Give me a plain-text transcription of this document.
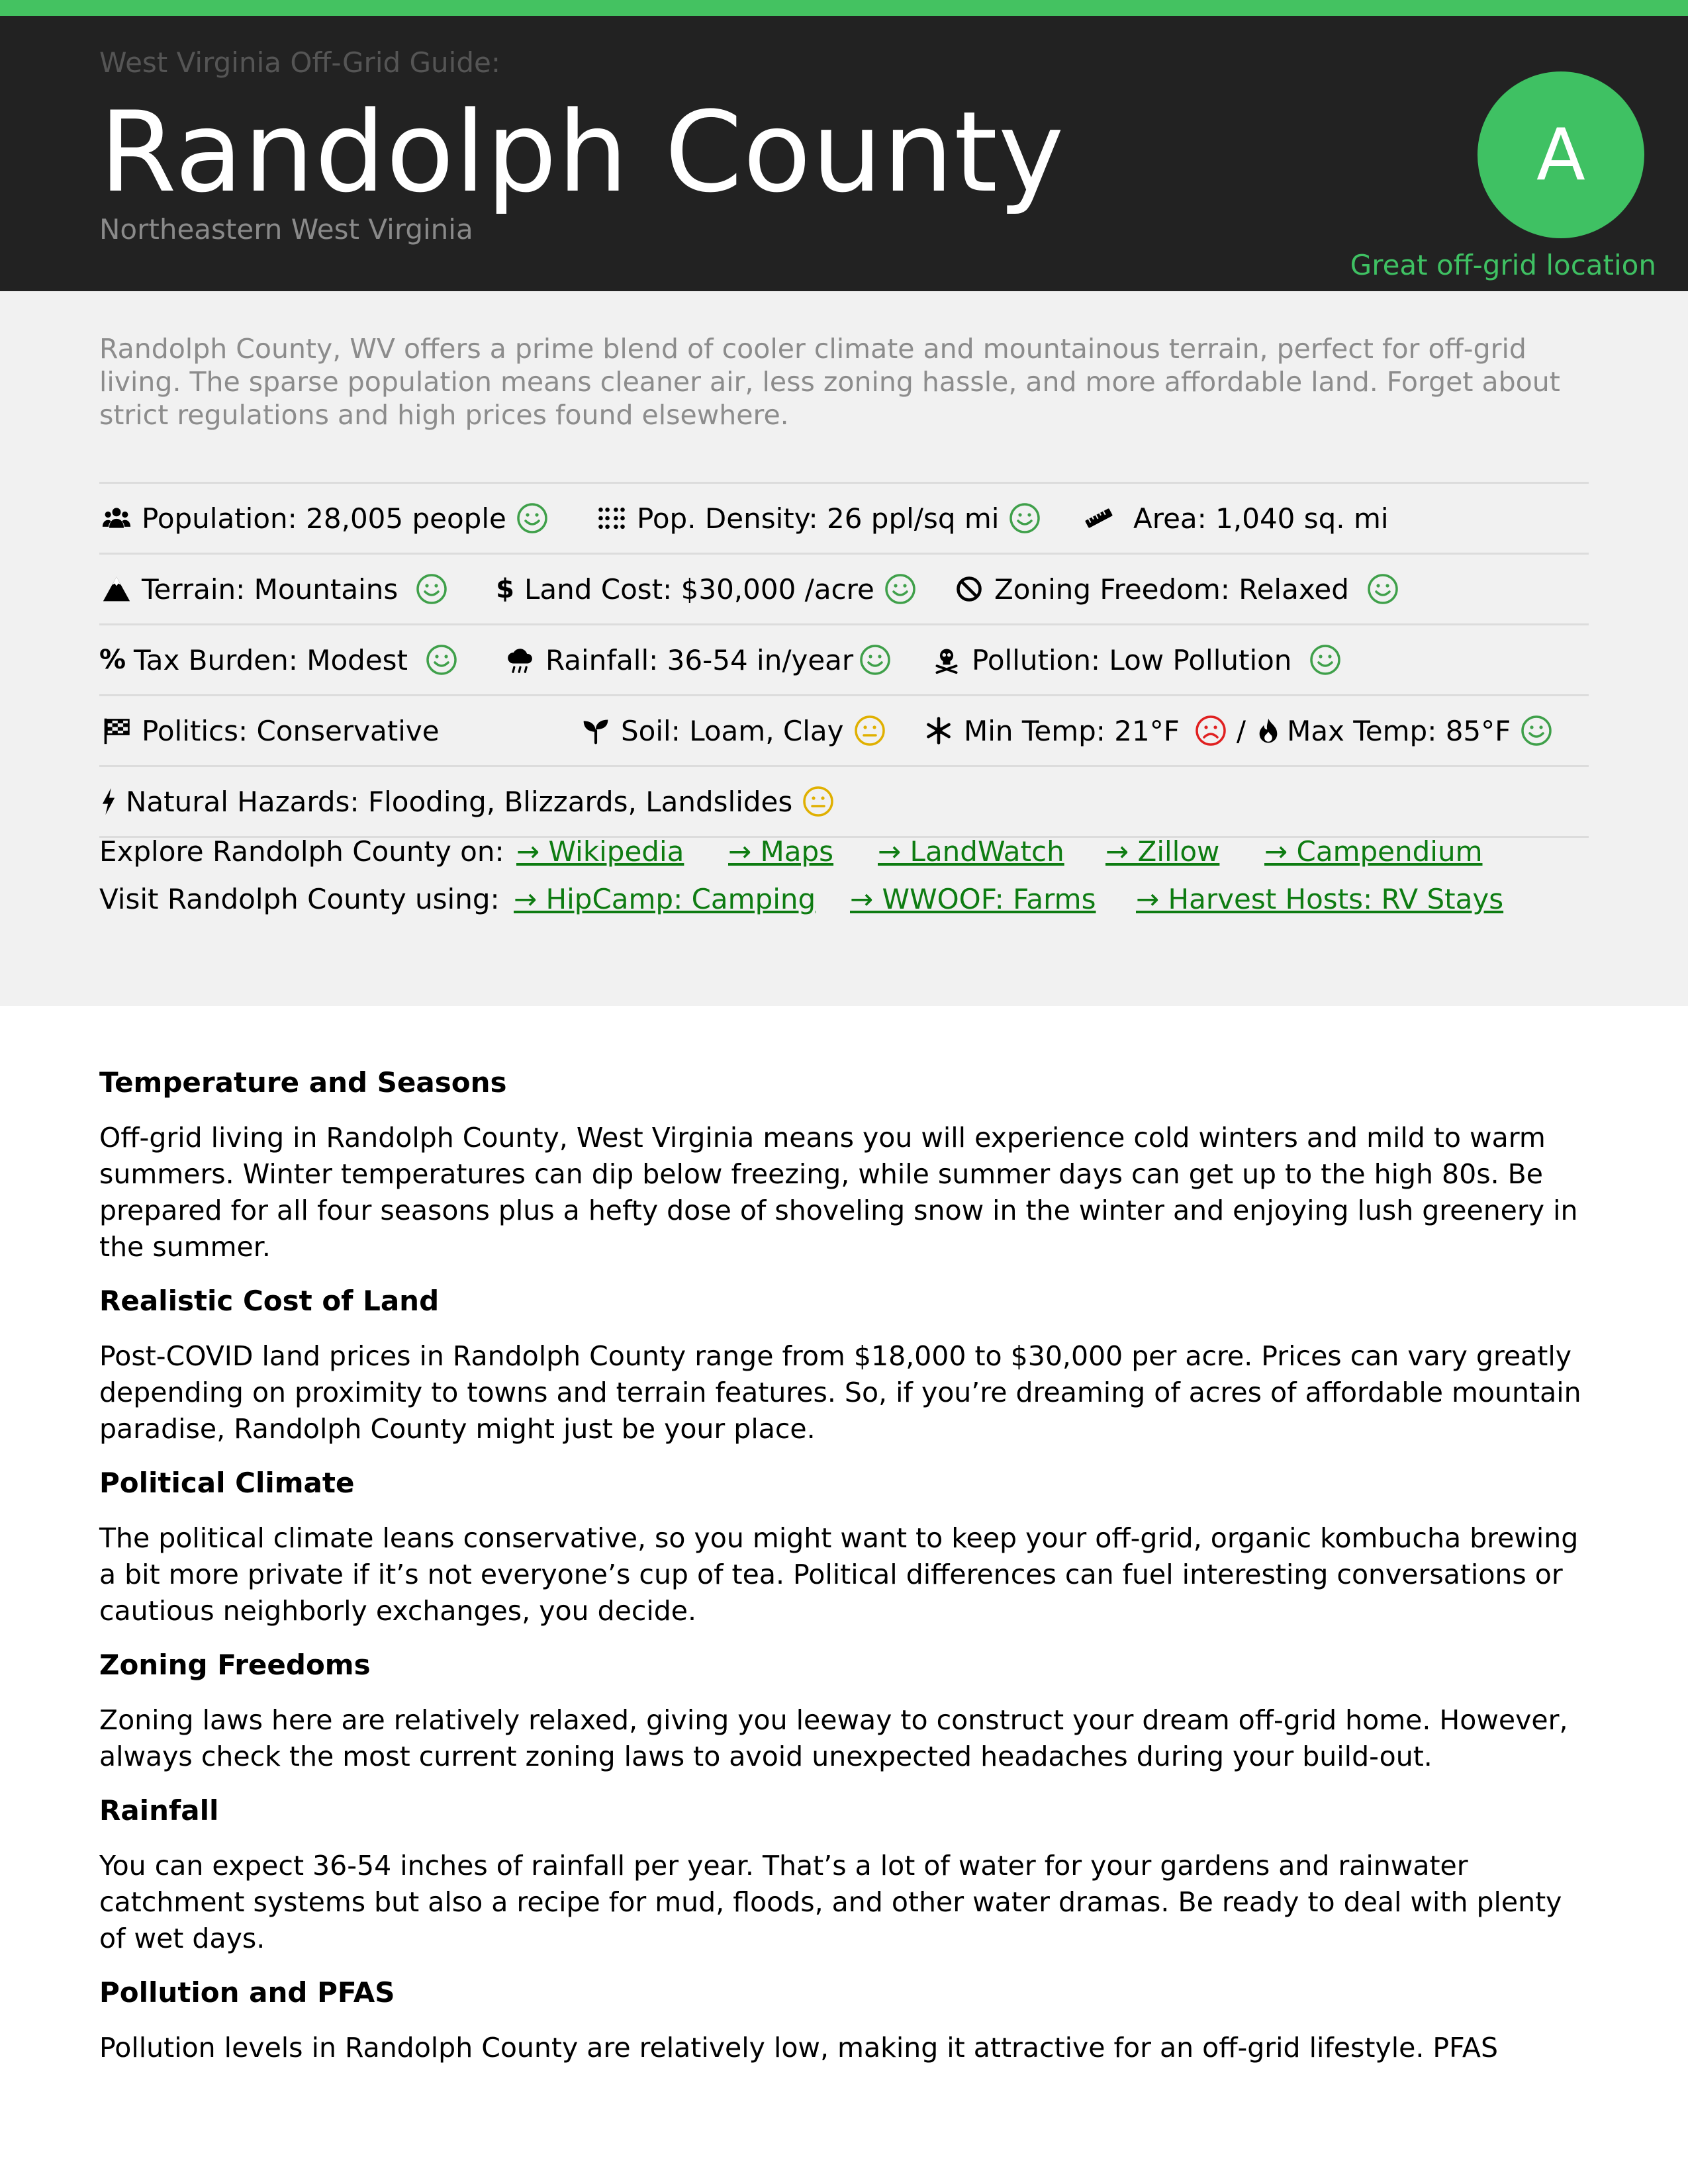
West Virginia Off-Grid Guide:
Randolph County
Northeastern West Virginia
A
Great off-grid location
Randolph County, WV offers a prime blend of cooler climate and mountainous terrain, perfect for off-grid living. The sparse population means cleaner air, less zoning hassle, and more affordable land. Forget about strict regulations and high prices found elsewhere.
Population: 28,005 people	Pop. Density: 26 ppl/sq mi	Area: 1,040 sq. mi
Terrain: Mountains	$ Land Cost: $30,000 /acre	Zoning Freedom: Relaxed
% Tax Burden: Modest	Rainfall: 36-54 in/year	Pollution: Low Pollution
Politics: Conservative	Soil: Loam, Clay	Min Temp: 21°F / Max Temp: 85°F
Natural Hazards: Flooding, Blizzards, Landslides
Explore Randolph County on: → Wikipedia → Maps → LandWatch → Zillow → Campendium
Visit Randolph County using: → HipCamp: Camping → WWOOF: Farms → Harvest Hosts: RV Stays
Temperature and Seasons

Off-grid living in Randolph County, West Virginia means you will experience cold winters and mild to warm summers. Winter temperatures can dip below freezing, while summer days can get up to the high 80s. Be prepared for all four seasons plus a hefty dose of shoveling snow in the winter and enjoying lush greenery in the summer.

Realistic Cost of Land

Post-COVID land prices in Randolph County range from $18,000 to $30,000 per acre. Prices can vary greatly depending on proximity to towns and terrain features. So, if you’re dreaming of acres of affordable mountain paradise, Randolph County might just be your place.

Political Climate

The political climate leans conservative, so you might want to keep your off-grid, organic kombucha brewing a bit more private if it’s not everyone’s cup of tea. Political differences can fuel interesting conversations or cautious neighborly exchanges, you decide.

Zoning Freedoms

Zoning laws here are relatively relaxed, giving you leeway to construct your dream off-grid home. However, always check the most current zoning laws to avoid unexpected headaches during your build-out.

Rainfall

You can expect 36-54 inches of rainfall per year. That’s a lot of water for your gardens and rainwater catchment systems but also a recipe for mud, floods, and other water dramas. Be ready to deal with plenty of wet days.

Pollution and PFAS

Pollution levels in Randolph County are relatively low, making it attractive for an off-grid lifestyle. PFAS
